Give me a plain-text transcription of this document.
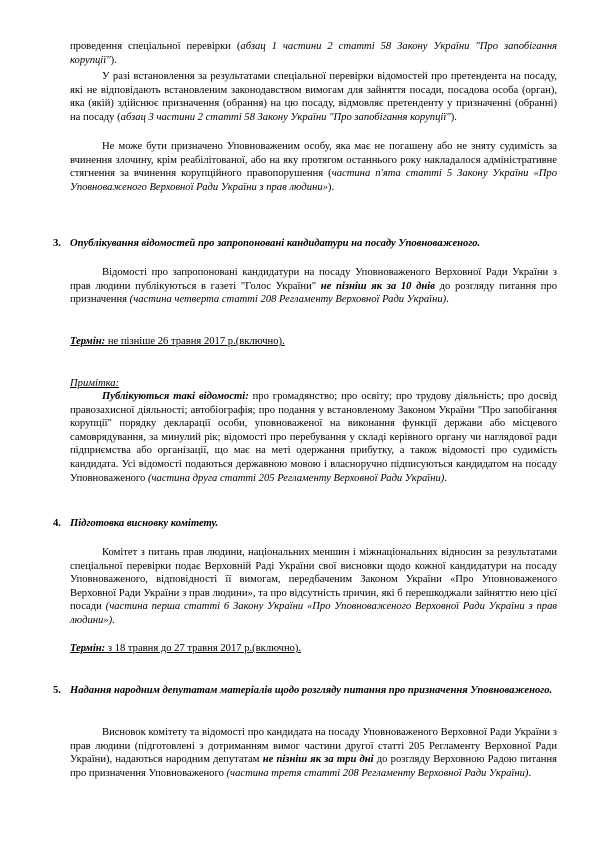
проведення спеціальної перевірки (абзац 1 частини 2 статті 58 Закону України "Про запобігання корупції").

У разі встановлення за результатами спеціальної перевірки відомостей про претендента на посаду, які не відповідають встановленим законодавством вимогам для зайняття посади, посадова особа (орган), яка (якій) здійснює призначення (обрання) на цю посаду, відмовляє претенденту у призначенні (обранні) на посаду (абзац 3 частини 2 статті 58 Закону України "Про запобігання корупції").

Не може бути призначено Уповноваженим особу, яка має не погашену або не зняту судимість за вчинення злочину, крім реабілітованої, або на яку протягом останнього року накладалося адміністративне стягнення за вчинення корупційного правопорушення (частина п'ята статті 5 Закону України «Про Уповноваженого Верховної Ради України з прав людини»).

3. Опублікування відомостей про запропоновані кандидатури на посаду Уповноваженого.

Відомості про запропоновані кандидатури на посаду Уповноваженого Верховної Ради України з прав людини публікуються в газеті "Голос України" не пізніш як за 10 днів до розгляду питання про призначення (частина четверта статті 208 Регламенту Верховної Ради України).

Термін: не пізніше 26 травня 2017 р.(включно).

Примітка:

Публікуються такі відомості: про громадянство; про освіту; про трудову діяльність; про досвід правозахисної діяльності; автобіографія; про подання у встановленому Законом України "Про запобігання корупції" порядку декларації особи, уповноваженої на виконання функції держави або місцевого самоврядування, за минулий рік; відомості про перебування у складі керівного органу чи наглядової ради підприємства або організації, що має на меті одержання прибутку, а також відомості про судимість кандидата. Усі відомості подаються державною мовою і власноручно підписуються кандидатом на посаду Уповноваженого (частина друга статті 205 Регламенту Верховної Ради України).

4. Підготовка висновку комітету.

Комітет з питань прав людини, національних меншин і міжнаціональних відносин за результатами спеціальної перевірки подає Верховній Раді України свої висновки щодо кожної кандидатури на посаду Уповноваженого, відповідності її вимогам, передбаченим Законом України «Про Уповноваженого Верховної Ради України з прав людини», та про відсутність причин, які б перешкоджали зайняттю нею цієї посади (частина перша статті 6 Закону України «Про Уповноваженого Верховної Ради України з прав людини»).

Термін: з 18 травня до 27 травня 2017 р.(включно).

5. Надання народним депутатам матеріалів щодо розгляду питання про призначення Уповноваженого.

Висновок комітету та відомості про кандидата на посаду Уповноваженого Верховної Ради України з прав людини (підготовлені з дотриманням вимог частини другої статті 205 Регламенту Верховної Ради України), надаються народним депутатам не пізніш як за три дні до розгляду Верховною Радою питання про призначення Уповноваженого (частина третя статті 208 Регламенту Верховної Ради України).
